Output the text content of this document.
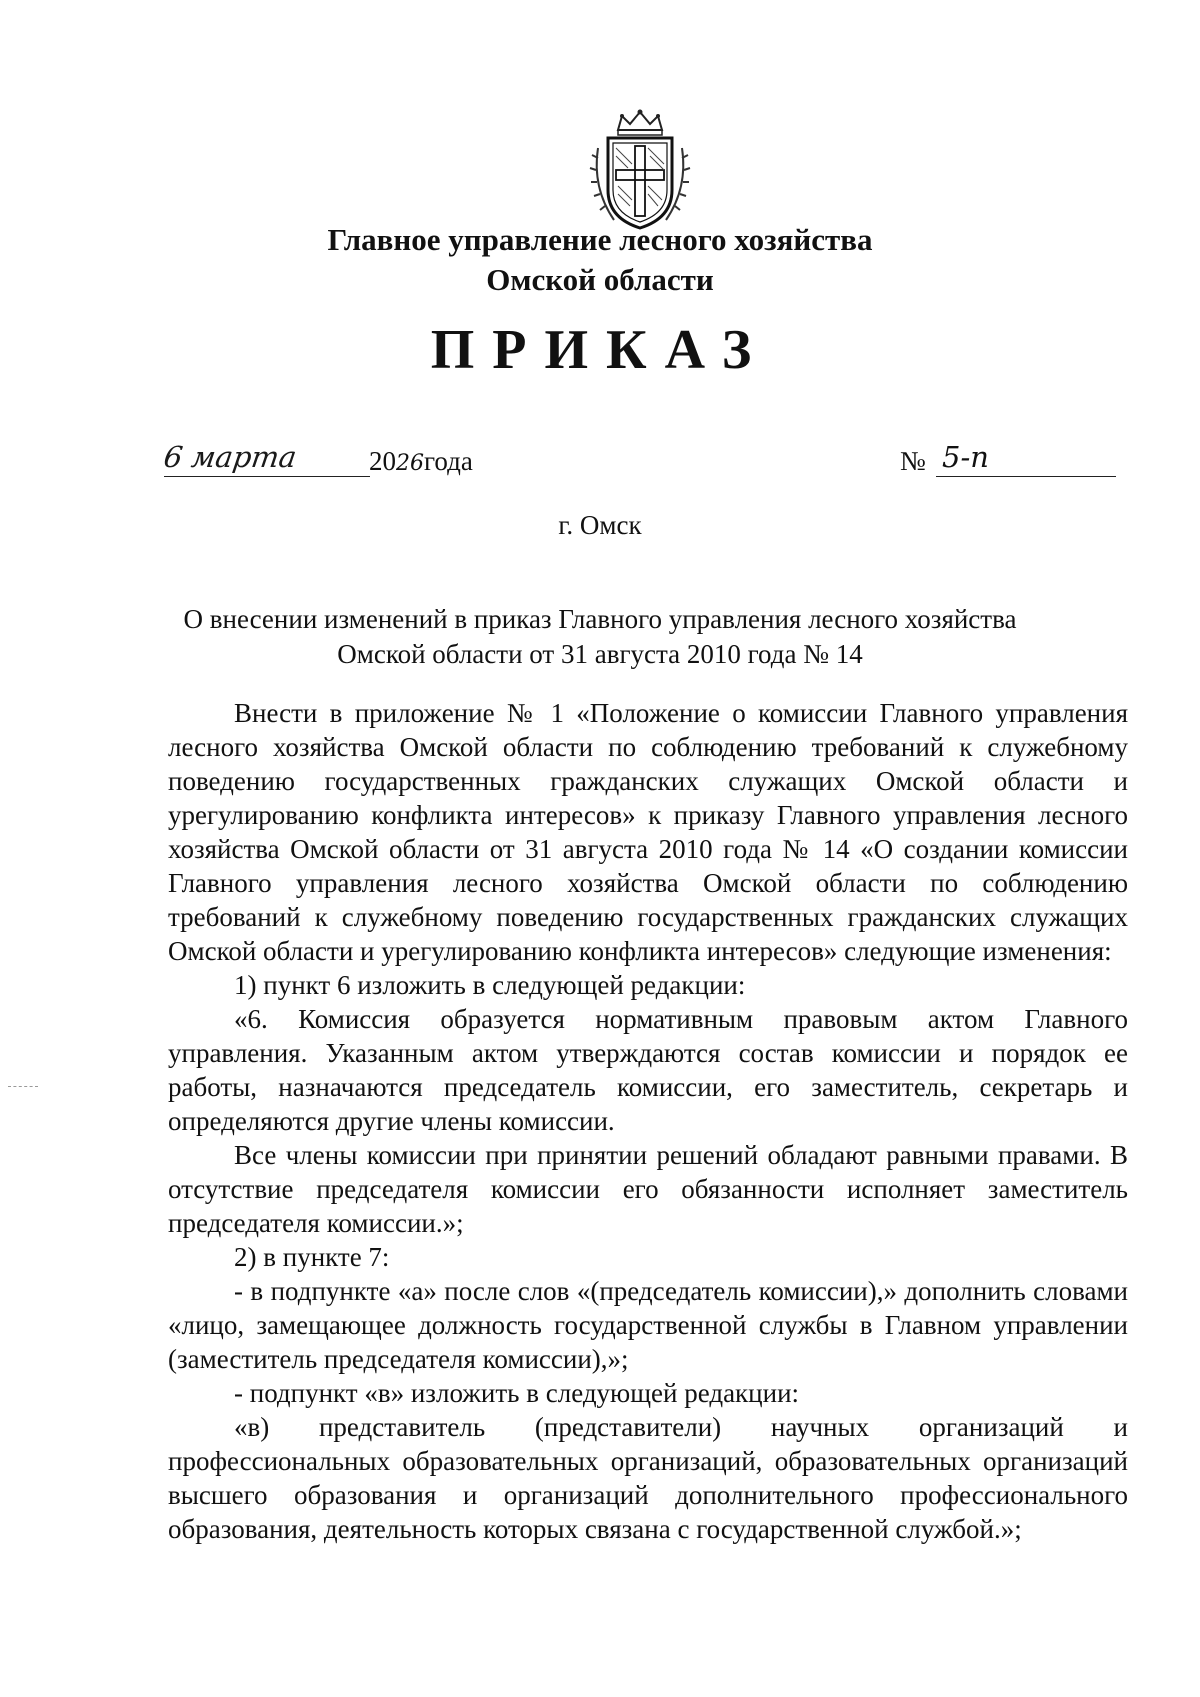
Главное управление лесного хозяйства
Омской области
ПРИКАЗ
6 марта	2026года	№ 5-п
г. Омск
О внесении изменений в приказ Главного управления лесного хозяйства
Омской области от 31 августа 2010 года № 14

Внести в приложение № 1 «Положение о комиссии Главного управления лесного хозяйства Омской области по соблюдению требований к служебному поведению государственных гражданских служащих Омской области и урегулированию конфликта интересов» к приказу Главного управления лесного хозяйства Омской области от 31 августа 2010 года № 14 «О создании комиссии Главного управления лесного хозяйства Омской области по соблюдению требований к служебному поведению государственных гражданских служащих Омской области и урегулированию конфликта интересов» следующие изменения:

1) пункт 6 изложить в следующей редакции:

«6. Комиссия образуется нормативным правовым актом Главного управления. Указанным актом утверждаются состав комиссии и порядок ее работы, назначаются председатель комиссии, его заместитель, секретарь и определяются другие члены комиссии.

Все члены комиссии при принятии решений обладают равными правами. В отсутствие председателя комиссии его обязанности исполняет заместитель председателя комиссии.»;

2) в пункте 7:

- в подпункте «а» после слов «(председатель комиссии),» дополнить словами «лицо, замещающее должность государственной службы в Главном управлении (заместитель председателя комиссии),»;

- подпункт «в» изложить в следующей редакции:

«в) представитель (представители) научных организаций и профессиональных образовательных организаций, образовательных организаций высшего образования и организаций дополнительного профессионального образования, деятельность которых связана с государственной службой.»;
